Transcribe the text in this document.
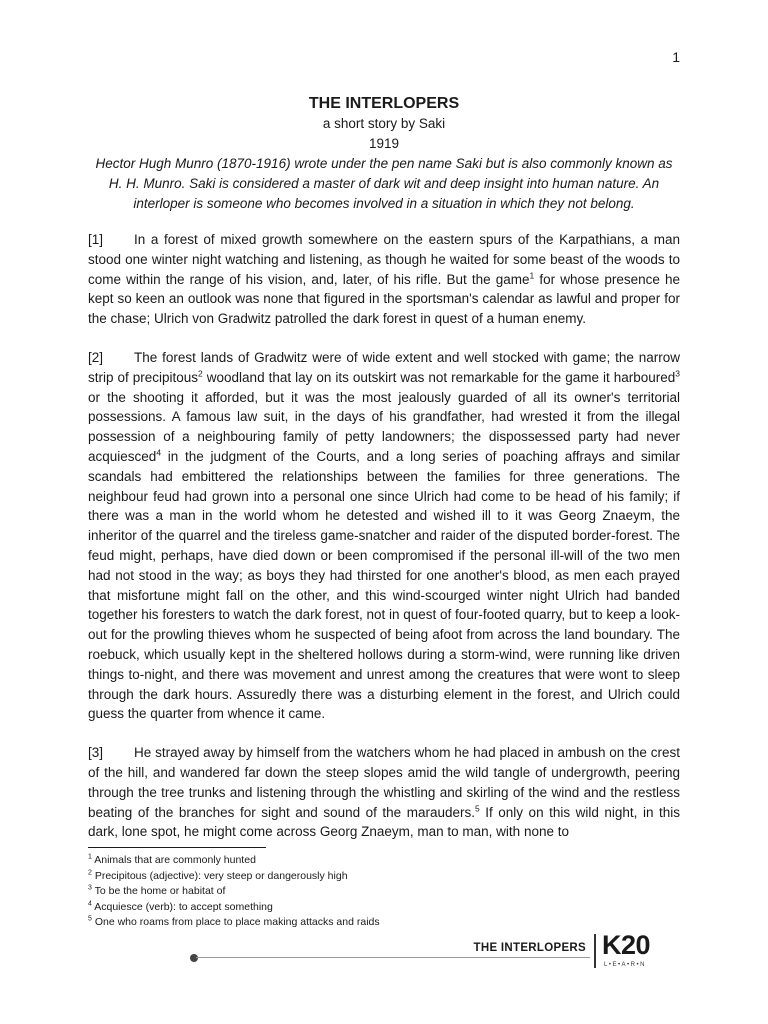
1
THE INTERLOPERS
a short story by Saki
1919
Hector Hugh Munro (1870-1916) wrote under the pen name Saki but is also commonly known as H. H. Munro. Saki is considered a master of dark wit and deep insight into human nature. An interloper is someone who becomes involved in a situation in which they not belong.

[1] In a forest of mixed growth somewhere on the eastern spurs of the Karpathians, a man stood one winter night watching and listening, as though he waited for some beast of the woods to come within the range of his vision, and, later, of his rifle. But the game$^1$ for whose presence he kept so keen an outlook was none that figured in the sportsman's calendar as lawful and proper for the chase; Ulrich von Gradwitz patrolled the dark forest in quest of a human enemy.

[2] The forest lands of Gradwitz were of wide extent and well stocked with game; the narrow strip of precipitous$^2$ woodland that lay on its outskirt was not remarkable for the game it harboured$^3$ or the shooting it afforded, but it was the most jealously guarded of all its owner's territorial possessions. A famous law suit, in the days of his grandfather, had wrested it from the illegal possession of a neighbouring family of petty landowners; the dispossessed party had never acquiesced$^4$ in the judgment of the Courts, and a long series of poaching affrays and similar scandals had embittered the relationships between the families for three generations. The neighbour feud had grown into a personal one since Ulrich had come to be head of his family; if there was a man in the world whom he detested and wished ill to it was Georg Znaeym, the inheritor of the quarrel and the tireless game-snatcher and raider of the disputed border-forest. The feud might, perhaps, have died down or been compromised if the personal ill-will of the two men had not stood in the way; as boys they had thirsted for one another's blood, as men each prayed that misfortune might fall on the other, and this wind-scourged winter night Ulrich had banded together his foresters to watch the dark forest, not in quest of four-footed quarry, but to keep a look-out for the prowling thieves whom he suspected of being afoot from across the land boundary. The roebuck, which usually kept in the sheltered hollows during a storm-wind, were running like driven things to-night, and there was movement and unrest among the creatures that were wont to sleep through the dark hours. Assuredly there was a disturbing element in the forest, and Ulrich could guess the quarter from whence it came.

[3] He strayed away by himself from the watchers whom he had placed in ambush on the crest of the hill, and wandered far down the steep slopes amid the wild tangle of undergrowth, peering through the tree trunks and listening through the whistling and skirling of the wind and the restless beating of the branches for sight and sound of the marauders.$^5$ If only on this wild night, in this dark, lone spot, he might come across Georg Znaeym, man to man, with none to

$^1$ Animals that are commonly hunted
$^2$ Precipitous (adjective): very steep or dangerously high
$^3$ To be the home or habitat of
$^4$ Acquiesce (verb): to accept something
$^5$ One who roams from place to place making attacks and raids
THE INTERLOPERS K20
L•E•A•R•N
